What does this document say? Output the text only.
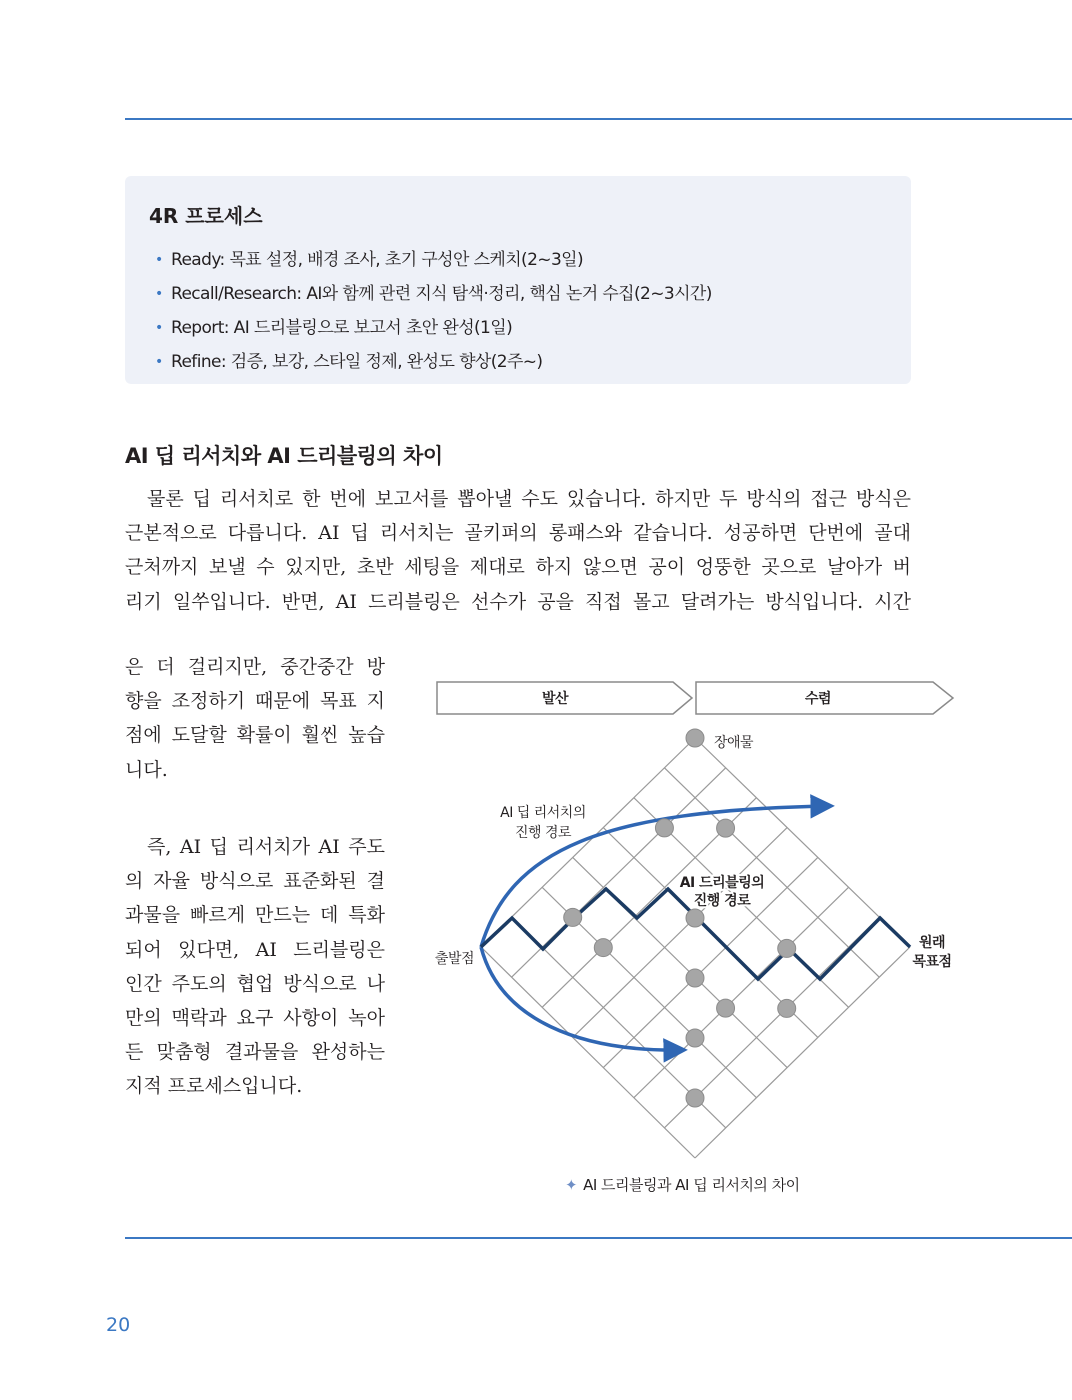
4R 프로세스
• Ready: 목표 설정, 배경 조사, 초기 구성안 스케치(2~3일)
• Recall/Research: AI와 함께 관련 지식 탐색·정리, 핵심 논거 수집(2~3시간)
• Report: AI 드리블링으로 보고서 초안 완성(1일)
• Refine: 검증, 보강, 스타일 정제, 완성도 향상(2주~)
AI 딥 리서치와 AI 드리블링의 차이
물론 딥 리서치로 한 번에 보고서를 뽑아낼 수도 있습니다. 하지만 두 방식의 접근 방식은
근본적으로 다릅니다. AI 딥 리서치는 골키퍼의 롱패스와 같습니다. 성공하면 단번에 골대
근처까지 보낼 수 있지만, 초반 세팅을 제대로 하지 않으면 공이 엉뚱한 곳으로 날아가 버
리기 일쑤입니다. 반면, AI 드리블링은 선수가 공을 직접 몰고 달려가는 방식입니다. 시간
은 더 걸리지만, 중간중간 방
향을 조정하기 때문에 목표 지
점에 도달할 확률이 훨씬 높습
니다.
즉, AI 딥 리서치가 AI 주도
의 자율 방식으로 표준화된 결
과물을 빠르게 만드는 데 특화
되어 있다면, AI 드리블링은
인간 주도의 협업 방식으로 나
만의 맥락과 요구 사항이 녹아
든 맞춤형 결과물을 완성하는
지적 프로세스입니다.
발산	수렴
장애물
AI 딥 리서치의
진행 경로
AI 드리블링의
진행 경로
출발점
원래
목표점
✦ AI 드리블링과 AI 딥 리서치의 차이
20
